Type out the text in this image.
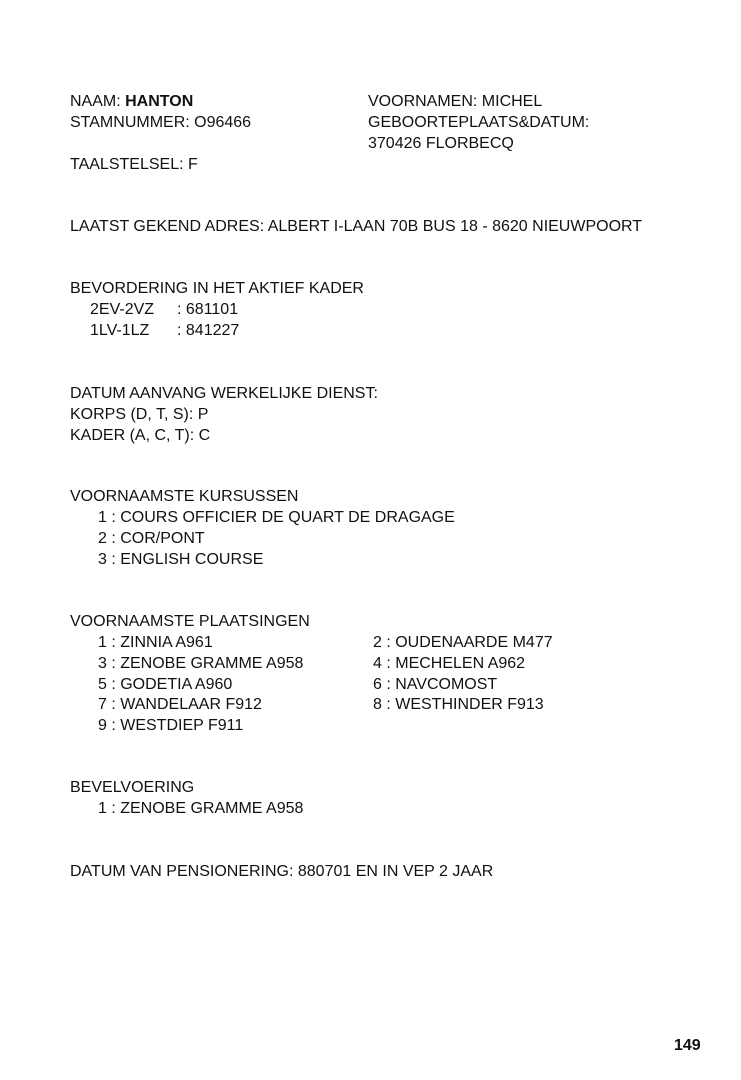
NAAM: HANTON	VOORNAMEN: MICHEL
STAMNUMMER: O96466	GEBOORTEPLAATS&DATUM:
370426 FLORBECQ
TAALSTELSEL: F
LAATST GEKEND ADRES: ALBERT I-LAAN 70B BUS 18 - 8620 NIEUWPOORT
BEVORDERING IN HET AKTIEF KADER
2EV-2VZ : 681101
1LV-1LZ : 841227
DATUM AANVANG WERKELIJKE DIENST:
KORPS (D, T, S): P
KADER (A, C, T): C
VOORNAAMSTE KURSUSSEN
1 : COURS OFFICIER DE QUART DE DRAGAGE
2 : COR/PONT
3 : ENGLISH COURSE
VOORNAAMSTE PLAATSINGEN
1 : ZINNIA A961
3 : ZENOBE GRAMME A958
5 : GODETIA A960
7 : WANDELAAR F912
9 : WESTDIEP F911
2 : OUDENAARDE M477
4 : MECHELEN A962
6 : NAVCOMOST
8 : WESTHINDER F913
BEVELVOERING
1 : ZENOBE GRAMME A958
DATUM VAN PENSIONERING: 880701 EN IN VEP 2 JAAR
149
